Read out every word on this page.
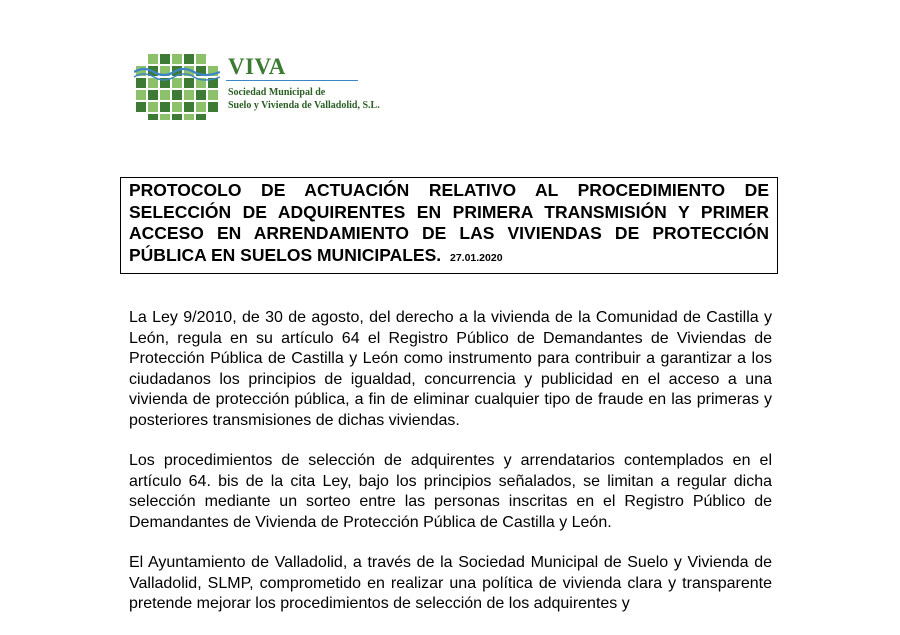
VIVA
Sociedad Municipal de
Suelo y Vivienda de Valladolid, S.L.
PROTOCOLO DE ACTUACIÓN RELATIVO AL PROCEDIMIENTO DE SELECCIÓN DE ADQUIRENTES EN PRIMERA TRANSMISIÓN Y PRIMER ACCESO EN ARRENDAMIENTO DE LAS VIVIENDAS DE PROTECCIÓN PÚBLICA EN SUELOS MUNICIPALES. 27.01.2020

La Ley 9/2010, de 30 de agosto, del derecho a la vivienda de la Comunidad de Castilla y León, regula en su artículo 64 el Registro Público de Demandantes de Viviendas de Protección Pública de Castilla y León como instrumento para contribuir a garantizar a los ciudadanos los principios de igualdad, concurrencia y publicidad en el acceso a una vivienda de protección pública, a fin de eliminar cualquier tipo de fraude en las primeras y posteriores transmisiones de dichas viviendas.

Los procedimientos de selección de adquirentes y arrendatarios contemplados en el artículo 64. bis de la cita Ley, bajo los principios señalados, se limitan a regular dicha selección mediante un sorteo entre las personas inscritas en el Registro Público de Demandantes de Vivienda de Protección Pública de Castilla y León.

El Ayuntamiento de Valladolid, a través de la Sociedad Municipal de Suelo y Vivienda de Valladolid, SLMP, comprometido en realizar una política de vivienda clara y transparente pretende mejorar los procedimientos de selección de los adquirentes y
